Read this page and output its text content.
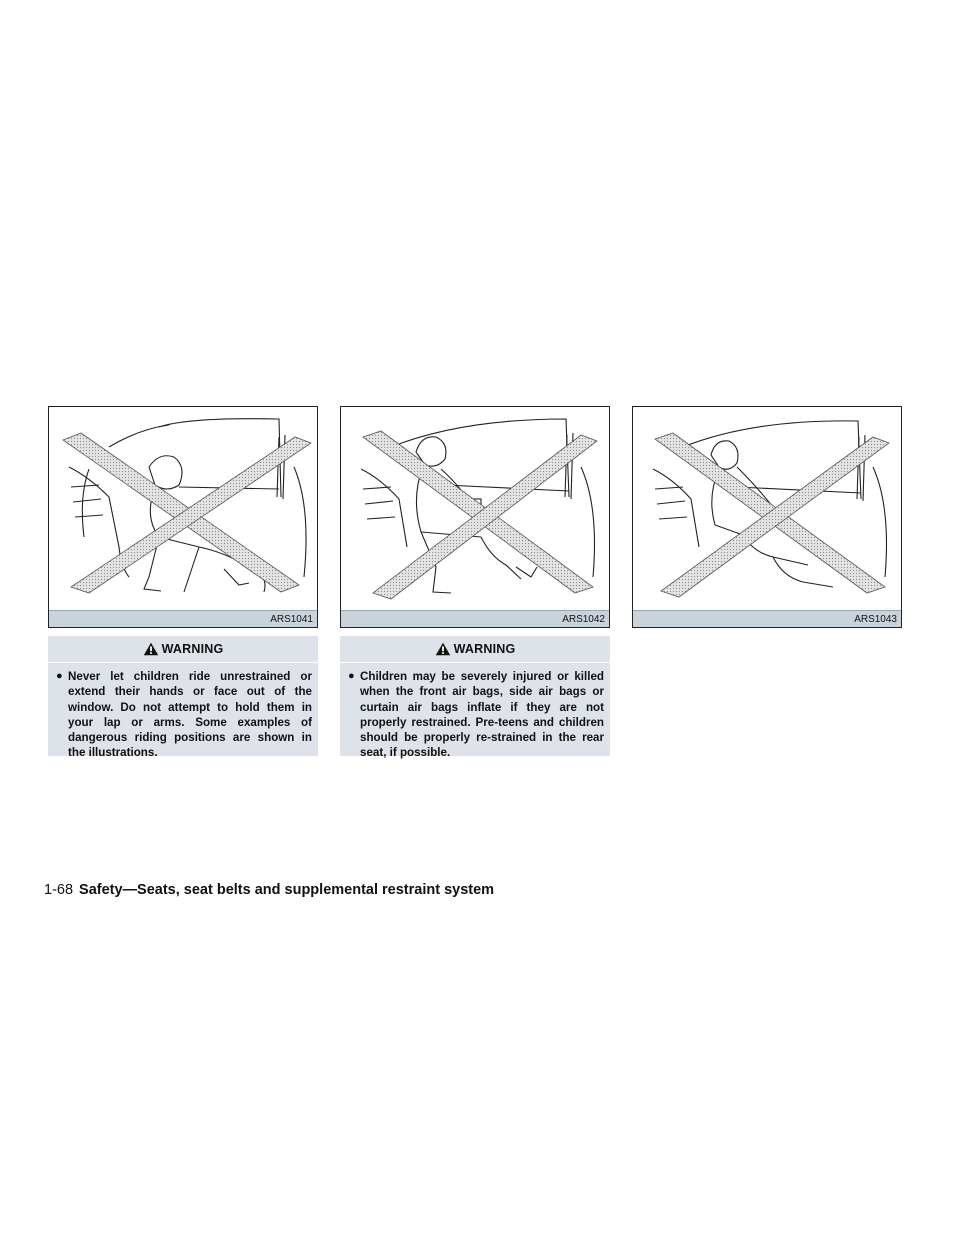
ARS1041	ARS1042	ARS1043
WARNING
● Never let children ride unrestrained or extend their hands or face out of the window. Do not attempt to hold them in your lap or arms. Some examples of dangerous riding positions are shown in the illustrations.
WARNING
● Children may be severely injured or killed when the front air bags, side air bags or curtain air bags inflate if they are not properly restrained. Pre-teens and children should be properly re-strained in the rear seat, if possible.
1-68 Safety—Seats, seat belts and supplemental restraint system
